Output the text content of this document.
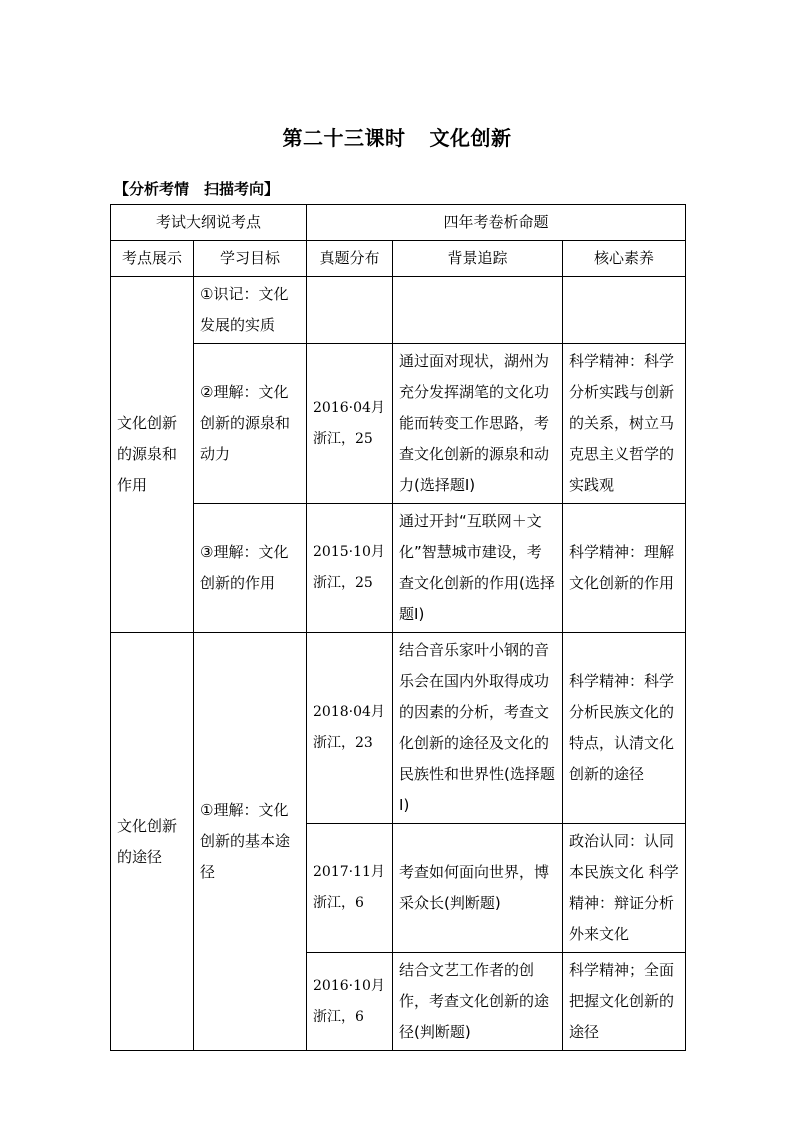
第二十三课时 文化创新
【分析考情　扫描考向】
考试大纲说考点		四年考卷析命题		
考点展示	学习目标	真题分布	背景追踪	核心素养
文化创新的源泉和作用	①识记：文化发展的实质			
	②理解：文化创新的源泉和动力	2016·04月浙江，25	通过面对现状，湖州为充分发挥湖笔的文化功能而转变工作思路，考查文化创新的源泉和动力(选择题Ⅰ)	科学精神：科学分析实践与创新的关系，树立马克思主义哲学的实践观
	③理解：文化创新的作用	2015·10月浙江，25	通过开封“互联网＋文化”智慧城市建设，考查文化创新的作用(选择题Ⅰ)	科学精神：理解文化创新的作用
文化创新的途径	①理解：文化创新的基本途径	2018·04月浙江，23	结合音乐家叶小钢的音乐会在国内外取得成功的因素的分析，考查文化创新的途径及文化的民族性和世界性(选择题Ⅰ)	科学精神：科学分析民族文化的特点，认清文化创新的途径
		2017·11月浙江，6	考查如何面向世界，博采众长(判断题)	政治认同：认同本民族文化 科学精神：辩证分析外来文化
		2016·10月浙江，6	结合文艺工作者的创作，考查文化创新的途径(判断题)	科学精神；全面把握文化创新的途径
